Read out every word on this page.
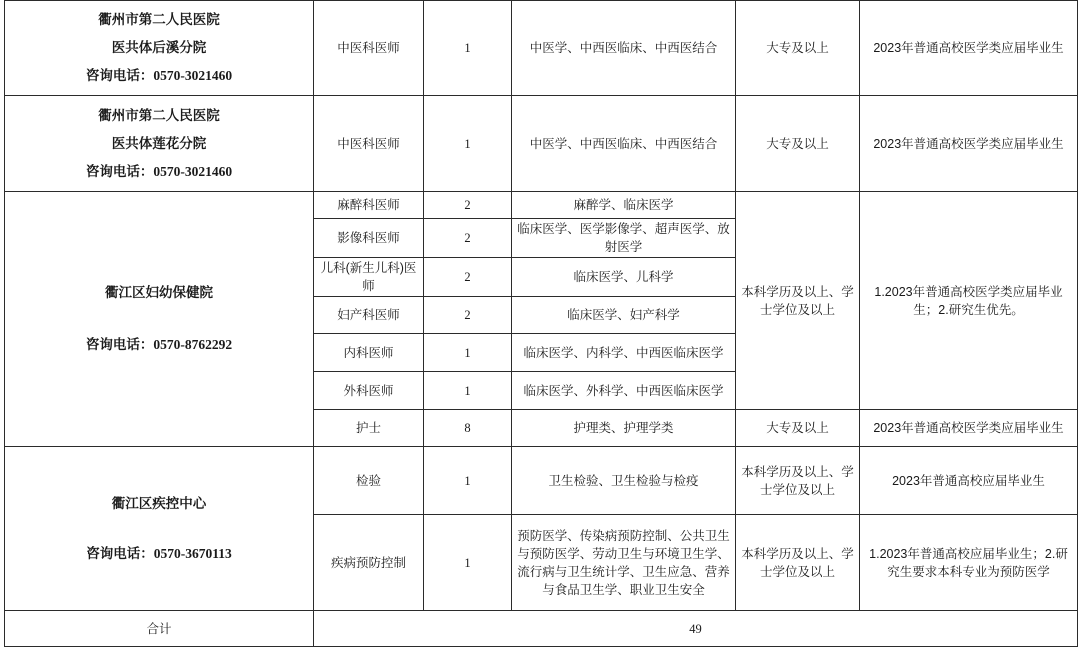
衢州市第二人民医院
医共体后溪分院
咨询电话：0570-3021460	中医科医师	1	中医学、中西医临床、中西医结合	大专及以上	2023年普通高校医学类应届毕业生

衢州市第二人民医院
医共体莲花分院
咨询电话：0570-3021460	中医科医师	1	中医学、中西医临床、中西医结合	大专及以上	2023年普通高校医学类应届毕业生

衢江区妇幼保健院
咨询电话：0570-8762292	麻醉科医师	2	麻醉学、临床医学	本科学历及以上、学士学位及以上	1.2023年普通高校医学类应届毕业生；2.研究生优先。
	影像科医师	2	临床医学、医学影像学、超声医学、放射医学		
	儿科(新生儿科)医师	2	临床医学、儿科学		
	妇产科医师	2	临床医学、妇产科学		
	内科医师	1	临床医学、内科学、中西医临床医学		
	外科医师	1	临床医学、外科学、中西医临床医学		
	护士	8	护理类、护理学类	大专及以上	2023年普通高校医学类应届毕业生

衢江区疾控中心
咨询电话：0570-3670113	检验	1	卫生检验、卫生检验与检疫	本科学历及以上、学士学位及以上	2023年普通高校应届毕业生
	疾病预防控制	1	预防医学、传染病预防控制、公共卫生与预防医学、劳动卫生与环境卫生学、流行病与卫生统计学、卫生应急、营养与食品卫生学、职业卫生安全	本科学历及以上、学士学位及以上	1.2023年普通高校应届毕业生；2.研究生要求本科专业为预防医学
合计	49				
